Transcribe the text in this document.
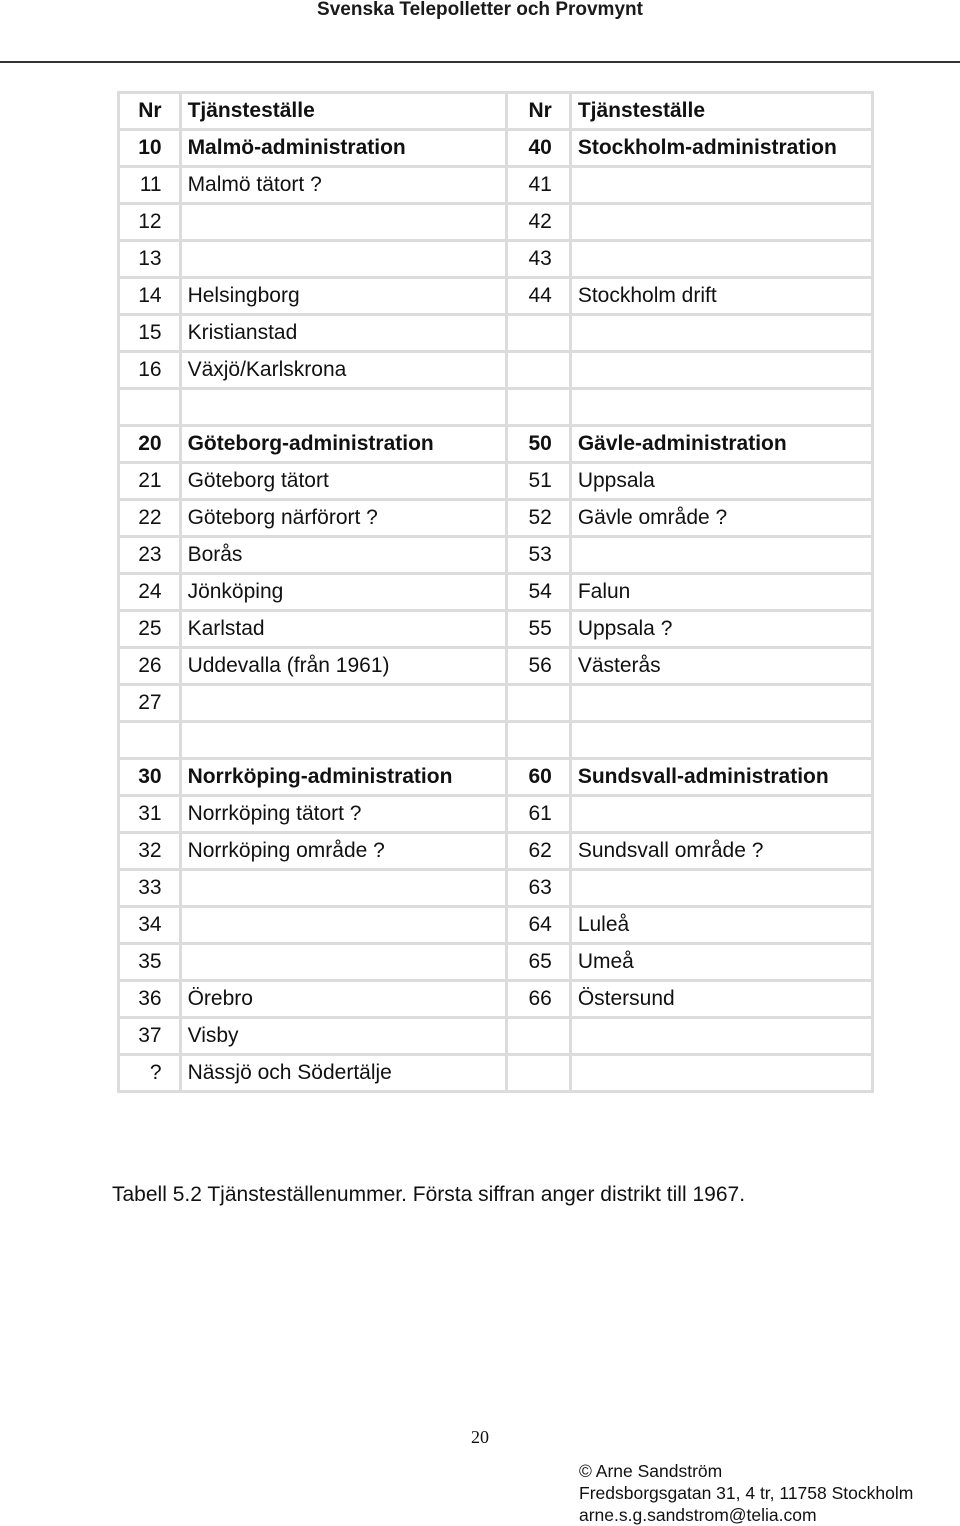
Svenska Telepolletter och Provmynt
Nr	Tjänsteställe	Nr	Tjänsteställe
10	Malmö-administration	40	Stockholm-administration
11	Malmö tätort ?	41	
12		42	
13		43	
14	Helsingborg	44	Stockholm drift
15	Kristianstad		
16	Växjö/Karlskrona		

20	Göteborg-administration	50	Gävle-administration
21	Göteborg tätort	51	Uppsala
22	Göteborg närförort ?	52	Gävle område ?
23	Borås	53	
24	Jönköping	54	Falun
25	Karlstad	55	Uppsala ?
26	Uddevalla (från 1961)	56	Västerås
27			

30	Norrköping-administration	60	Sundsvall-administration
31	Norrköping tätort ?	61	
32	Norrköping område ?	62	Sundsvall område ?
33		63	
34		64	Luleå
35		65	Umeå
36	Örebro	66	Östersund
37	Visby		
?	Nässjö och Södertälje		
Tabell 5.2 Tjänsteställenummer. Första siffran anger distrikt till 1967.
20
© Arne Sandström
Fredsborgsgatan 31, 4 tr, 11758 Stockholm
arne.s.g.sandstrom@telia.com
